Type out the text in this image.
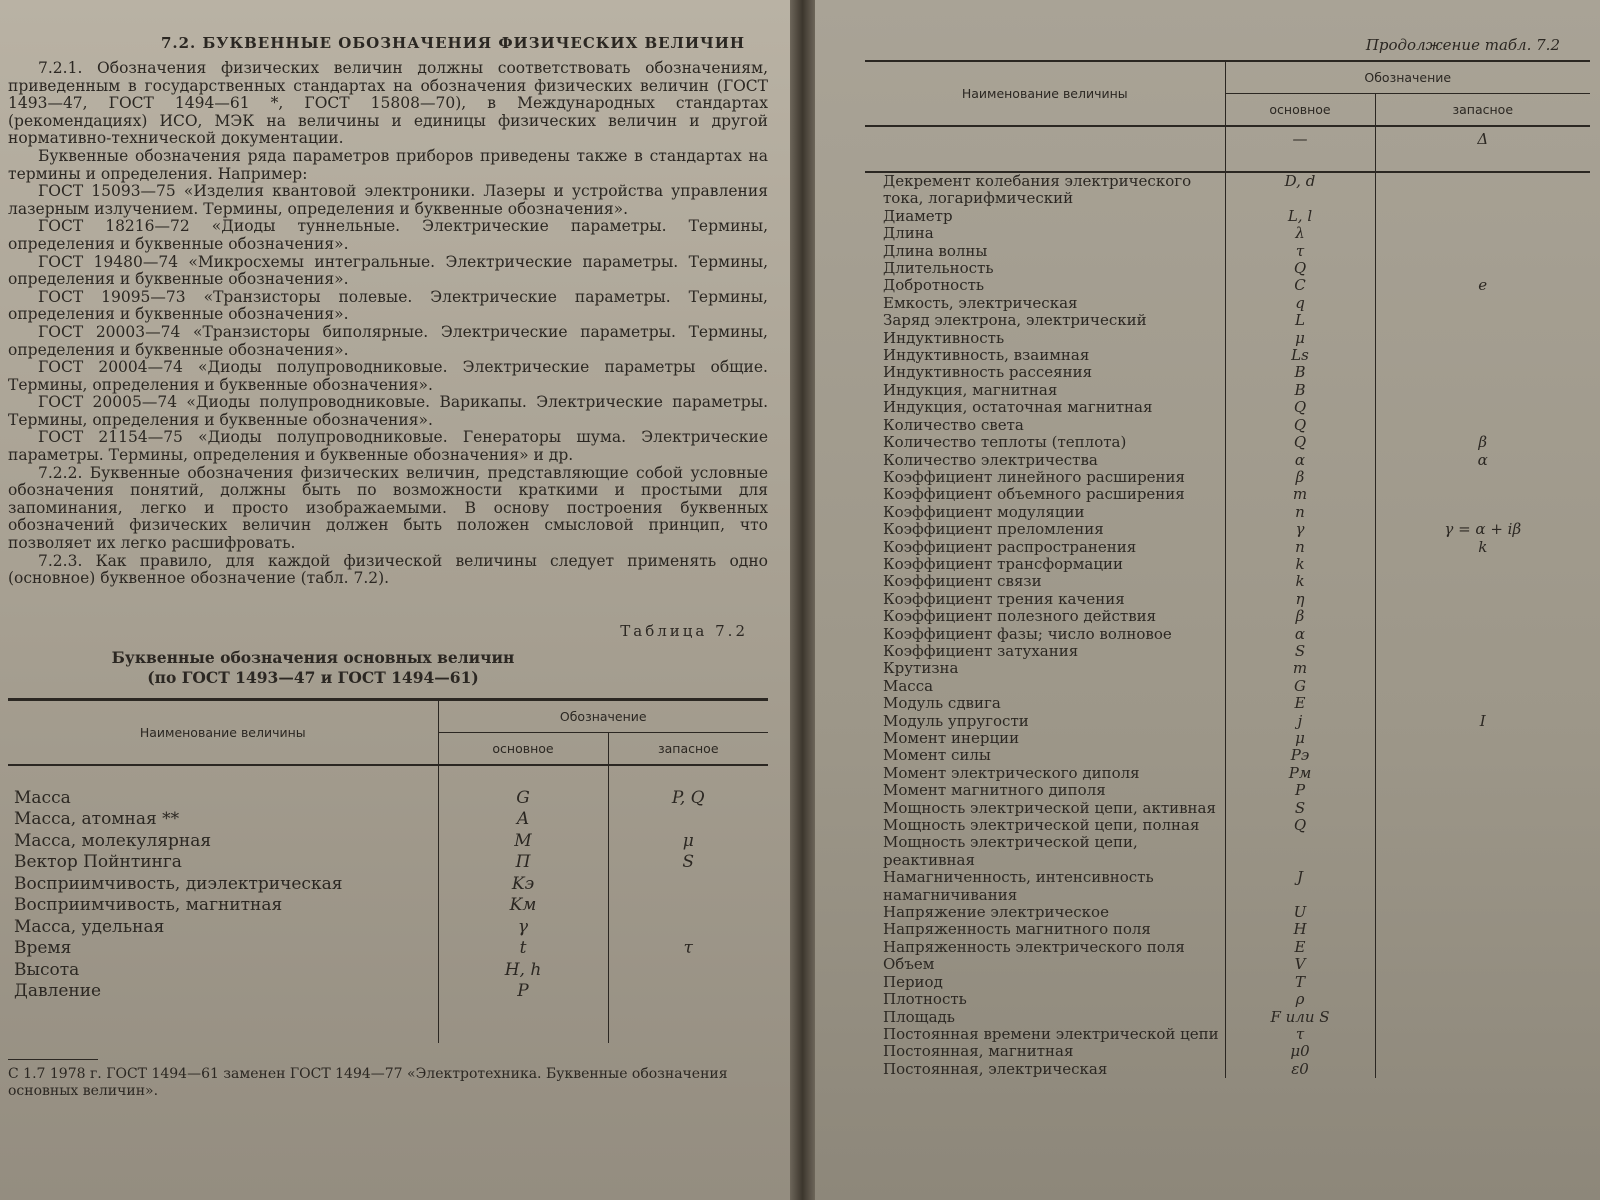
7.2. БУКВЕННЫЕ ОБОЗНАЧЕНИЯ ФИЗИЧЕСКИХ ВЕЛИЧИН

7.2.1. Обозначения физических величин должны соответствовать обозначениям, приведенным в государственных стандартах на обозначения физических величин (ГОСТ 1493—47, ГОСТ 1494—61 *, ГОСТ 15808—70), в Международных стандартах (рекомендациях) ИСО, МЭК на величины и единицы физических величин и другой нормативно-технической документации.

Буквенные обозначения ряда параметров приборов приведены также в стандартах на термины и определения. Например:

ГОСТ 15093—75 «Изделия квантовой электроники. Лазеры и устройства управления лазерным излучением. Термины, определения и буквенные обозначения».

ГОСТ 18216—72 «Диоды туннельные. Электрические параметры. Термины, определения и буквенные обозначения».

ГОСТ 19480—74 «Микросхемы интегральные. Электрические параметры. Термины, определения и буквенные обозначения».

ГОСТ 19095—73 «Транзисторы полевые. Электрические параметры. Термины, определения и буквенные обозначения».

ГОСТ 20003—74 «Транзисторы биполярные. Электрические параметры. Термины, определения и буквенные обозначения».

ГОСТ 20004—74 «Диоды полупроводниковые. Электрические параметры общие. Термины, определения и буквенные обозначения».

ГОСТ 20005—74 «Диоды полупроводниковые. Варикапы. Электрические параметры. Термины, определения и буквенные обозначения».

ГОСТ 21154—75 «Диоды полупроводниковые. Генераторы шума. Электрические параметры. Термины, определения и буквенные обозначения» и др.

7.2.2. Буквенные обозначения физических величин, представляющие собой условные обозначения понятий, должны быть по возможности краткими и простыми для запоминания, легко и просто изображаемыми. В основу построения буквенных обозначений физических величин должен быть положен смысловой принцип, что позволяет их легко расшифровать.

7.2.3. Как правило, для каждой физической величины следует применять одно (основное) буквенное обозначение (табл. 7.2).

Таблица 7.2
Буквенные обозначения основных величин
(по ГОСТ 1493—47 и ГОСТ 1494—61)
Наименование величины	Обозначение	
	основное	запасное
Масса	G	P, Q
Масса, атомная **	A	
Масса, молекулярная	M	μ
Вектор Пойнтинга	П	S
Восприимчивость, диэлектрическая	Kэ	
Восприимчивость, магнитная	Kм	
Масса, удельная	γ	
Время	t	τ
Высота	H, h	
Давление	P	

С 1.7 1978 г. ГОСТ 1494—61 заменен ГОСТ 1494—77 «Электротехника. Буквенные обозначения основных величин».

Продолжение табл. 7.2
Наименование величины	Обозначение	
	основное	запасное
	—	Δ
Декремент колебания электрического тока, логарифмический	D, d	
Диаметр	L, l	
Длина	λ	
Длина волны	τ	
Длительность	Q	
Добротность	C	e
Емкость, электрическая	q	
Заряд электрона, электрический	L	
Индуктивность	μ	
Индуктивность, взаимная	Ls	
Индуктивность рассеяния	B	
Индукция, магнитная	B	
Индукция, остаточная магнитная	Q	
Количество света	Q	
Количество теплоты (теплота)	Q	β
Количество электричества	α	α
Коэффициент линейного расширения	β	
Коэффициент объемного расширения	m	
Коэффициент модуляции	n	
Коэффициент преломления	γ	γ = α + iβ
Коэффициент распространения	n	k
Коэффициент трансформации	k	
Коэффициент связи	k	
Коэффициент трения качения	η	
Коэффициент полезного действия	β	
Коэффициент фазы; число волновое	α	
Коэффициент затухания	S	
Крутизна	m	
Масса	G	
Модуль сдвига	E	
Модуль упругости	j	I
Момент инерции	μ	
Момент силы	Pэ	
Момент электрического диполя	Pм	
Момент магнитного диполя	P	
Мощность электрической цепи, активная	S	
Мощность электрической цепи, полная	Q	
Мощность электрической цепи, реактивная		
Намагниченность, интенсивность намагничивания	J	
Напряжение электрическое	U	
Напряженность магнитного поля	H	
Напряженность электрического поля	E	
Объем	V	
Период	T	
Плотность	ρ	
Площадь	F или S	
Постоянная времени электрической цепи	τ	
Постоянная, магнитная	μ0	
Постоянная, электрическая	ε0	
